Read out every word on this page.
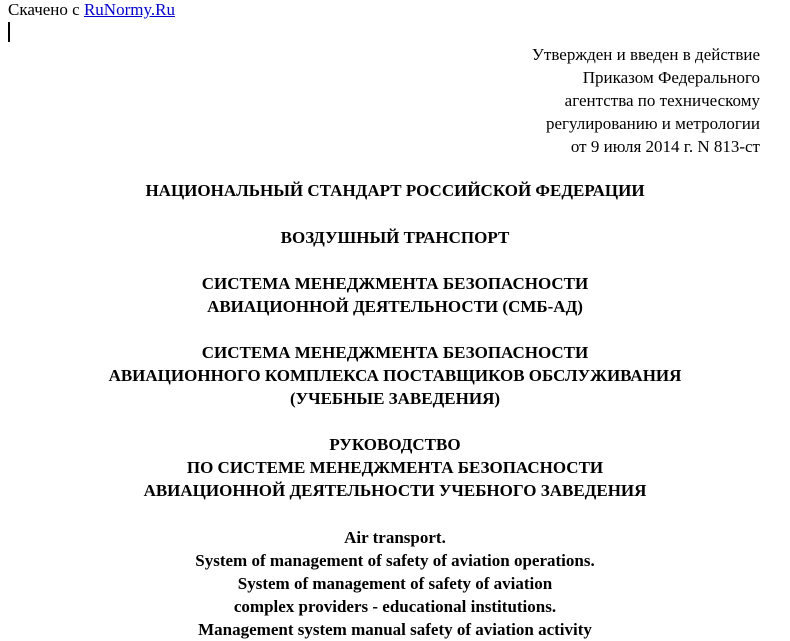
Скачено с RuNormy.Ru
Утвержден и введен в действие
Приказом Федерального
агентства по техническому
регулированию и метрологии
от 9 июля 2014 г. N 813-ст
НАЦИОНАЛЬНЫЙ СТАНДАРТ РОССИЙСКОЙ ФЕДЕРАЦИИ
ВОЗДУШНЫЙ ТРАНСПОРТ
СИСТЕМА МЕНЕДЖМЕНТА БЕЗОПАСНОСТИ
АВИАЦИОННОЙ ДЕЯТЕЛЬНОСТИ (СМБ-АД)
СИСТЕМА МЕНЕДЖМЕНТА БЕЗОПАСНОСТИ
АВИАЦИОННОГО КОМПЛЕКСА ПОСТАВЩИКОВ ОБСЛУЖИВАНИЯ
(УЧЕБНЫЕ ЗАВЕДЕНИЯ)
РУКОВОДСТВО
ПО СИСТЕМЕ МЕНЕДЖМЕНТА БЕЗОПАСНОСТИ
АВИАЦИОННОЙ ДЕЯТЕЛЬНОСТИ УЧЕБНОГО ЗАВЕДЕНИЯ
Air transport.
System of management of safety of aviation operations.
System of management of safety of aviation
complex providers - educational institutions.
Management system manual safety of aviation activity
